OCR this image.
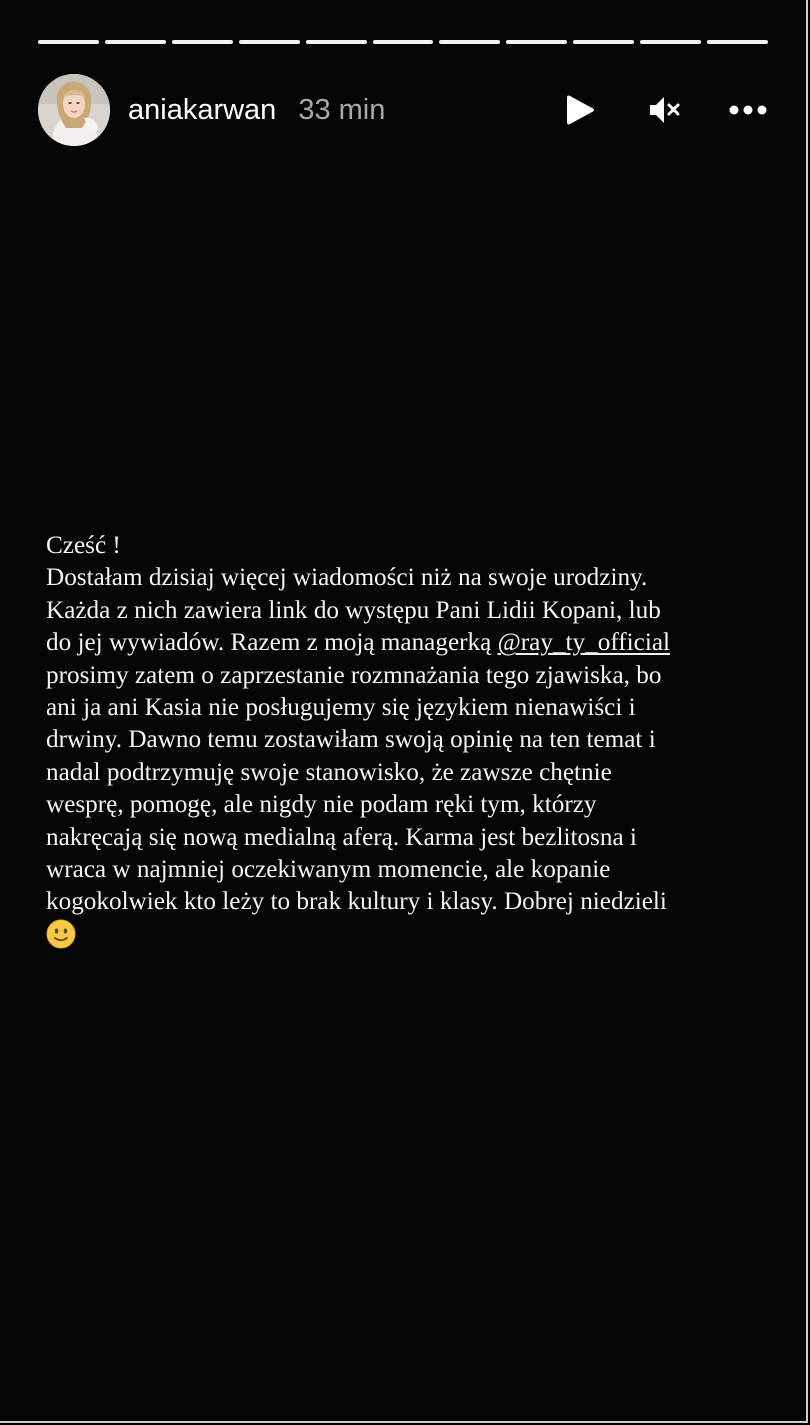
aniakarwan 33 min
Cześć !
Dostałam dzisiaj więcej wiadomości niż na swoje urodziny.
Każda z nich zawiera link do występu Pani Lidii Kopani, lub
do jej wywiadów. Razem z moją managerką @ray_ty_official
prosimy zatem o zaprzestanie rozmnażania tego zjawiska, bo
ani ja ani Kasia nie posługujemy się językiem nienawiści i
drwiny. Dawno temu zostawiłam swoją opinię na ten temat i
nadal podtrzymuję swoje stanowisko, że zawsze chętnie
wesprę, pomogę, ale nigdy nie podam ręki tym, którzy
nakręcają się nową medialną aferą. Karma jest bezlitosna i
wraca w najmniej oczekiwanym momencie, ale kopanie
kogokolwiek kto leży to brak kultury i klasy. Dobrej niedzieli
